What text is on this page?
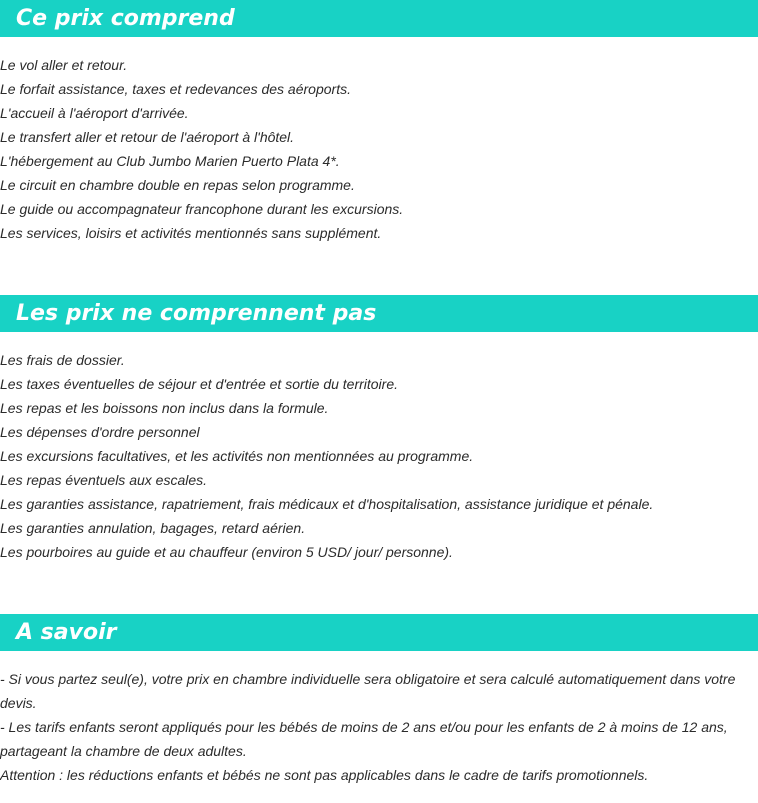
Ce prix comprend
Le vol aller et retour.
Le forfait assistance, taxes et redevances des aéroports.
L'accueil à l'aéroport d'arrivée.
Le transfert aller et retour de l'aéroport à l'hôtel.
L'hébergement au Club Jumbo Marien Puerto Plata 4*.
Le circuit en chambre double en repas selon programme.
Le guide ou accompagnateur francophone durant les excursions.
Les services, loisirs et activités mentionnés sans supplément.
Les prix ne comprennent pas
Les frais de dossier.
Les taxes éventuelles de séjour et d'entrée et sortie du territoire.
Les repas et les boissons non inclus dans la formule.
Les dépenses d'ordre personnel
Les excursions facultatives, et les activités non mentionnées au programme.
Les repas éventuels aux escales.
Les garanties assistance, rapatriement, frais médicaux et d'hospitalisation, assistance juridique et pénale.
Les garanties annulation, bagages, retard aérien.
Les pourboires au guide et au chauffeur (environ 5 USD/ jour/ personne).
A savoir
- Si vous partez seul(e), votre prix en chambre individuelle sera obligatoire et sera calculé automatiquement dans votre devis.
- Les tarifs enfants seront appliqués pour les bébés de moins de 2 ans et/ou pour les enfants de 2 à moins de 12 ans, partageant la chambre de deux adultes.
Attention : les réductions enfants et bébés ne sont pas applicables dans le cadre de tarifs promotionnels.
